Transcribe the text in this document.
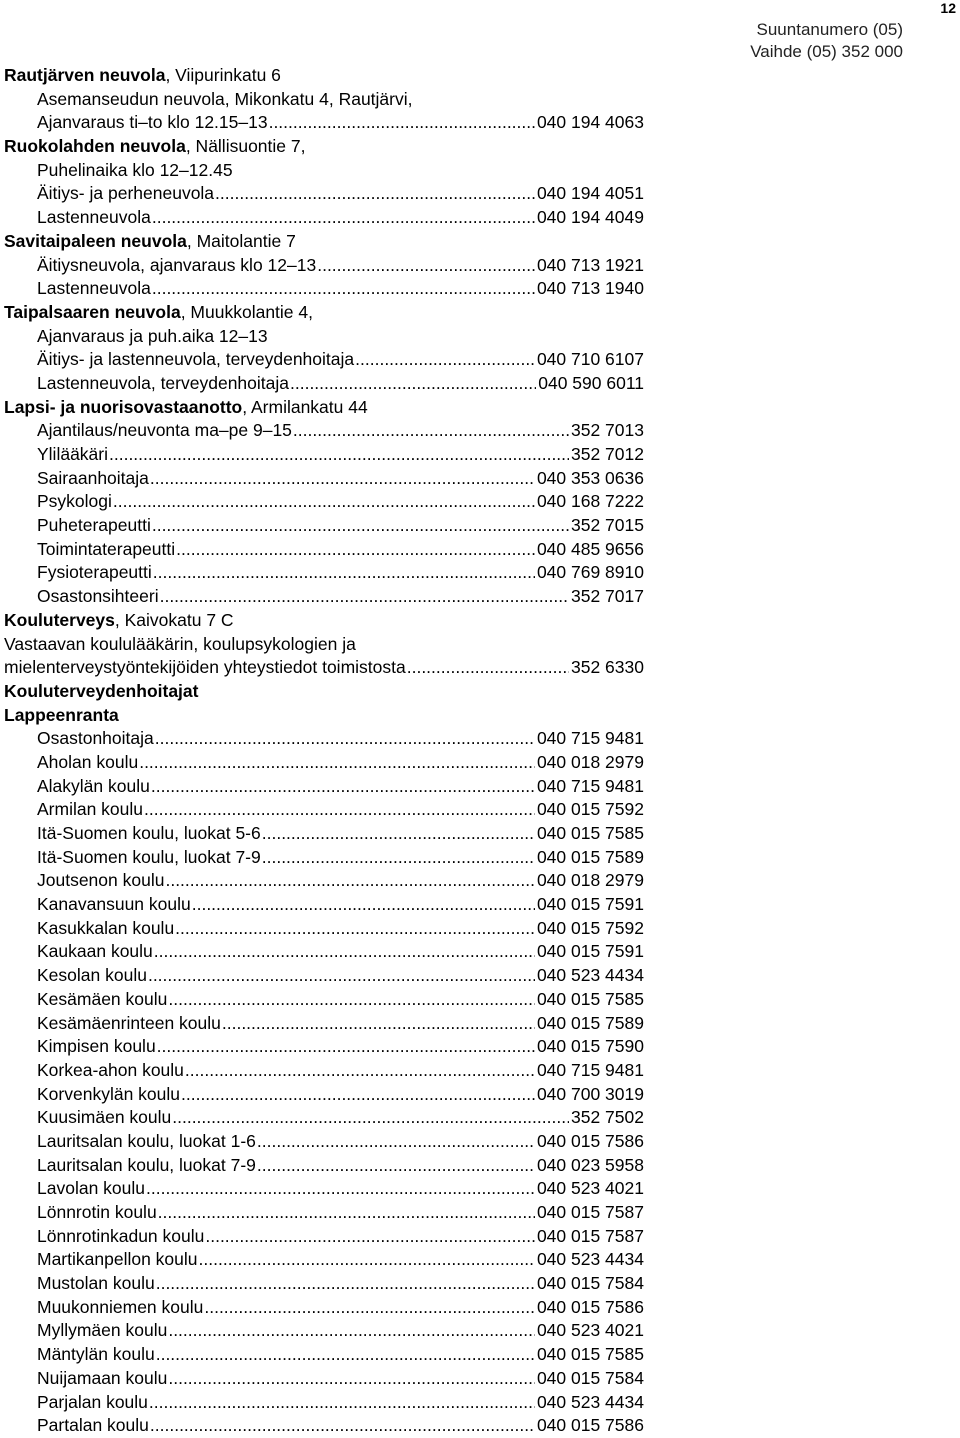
12
Suuntanumero (05)
Vaihde (05) 352 000
Rautjärven neuvola , Viipurinkatu 6
Asemanseudun neuvola, Mikonkatu 4, Rautjärvi,
Ajanvaraus ti–to klo 12.15–13 .....	040 194 4063
Ruokolahden neuvola , Nällisuontie 7,
Puhelinaika klo 12–12.45
Äitiys- ja perheneuvola .....	040 194 4051
Lastenneuvola .....	040 194 4049
Savitaipaleen neuvola , Maitolantie 7
Äitiysneuvola, ajanvaraus klo 12–13 .....	040 713 1921
Lastenneuvola .....	040 713 1940
Taipalsaaren neuvola , Muukkolantie 4,
Ajanvaraus ja puh.aika 12–13
Äitiys- ja lastenneuvola, terveydenhoitaja .....	040 710 6107
Lastenneuvola, terveydenhoitaja .....	040 590 6011
Lapsi- ja nuorisovastaanotto , Armilankatu 44
Ajantilaus/neuvonta ma–pe 9–15 .....	352 7013
Ylilääkäri .....	352 7012
Sairaanhoitaja .....	040 353 0636
Psykologi .....	040 168 7222
Puheterapeutti .....	352 7015
Toimintaterapeutti .....	040 485 9656
Fysioterapeutti .....	040 769 8910
Osastonsihteeri .....	352 7017
Kouluterveys , Kaivokatu 7 C
Vastaavan koululääkärin, koulupsykologien ja
mielenterveystyöntekijöiden yhteystiedot toimistosta .....	352 6330
Kouluterveydenhoitajat
Lappeenranta
Osastonhoitaja .....	040 715 9481
Aholan koulu .....	040 018 2979
Alakylän koulu .....	040 715 9481
Armilan koulu .....	040 015 7592
Itä-Suomen koulu, luokat 5-6 .....	040 015 7585
Itä-Suomen koulu, luokat 7-9 .....	040 015 7589
Joutsenon koulu .....	040 018 2979
Kanavansuun koulu .....	040 015 7591
Kasukkalan koulu .....	040 015 7592
Kaukaan koulu .....	040 015 7591
Kesolan koulu .....	040 523 4434
Kesämäen koulu .....	040 015 7585
Kesämäenrinteen koulu .....	040 015 7589
Kimpisen koulu .....	040 015 7590
Korkea-ahon koulu .....	040 715 9481
Korvenkylän koulu .....	040 700 3019
Kuusimäen koulu .....	352 7502
Lauritsalan koulu, luokat 1-6 .....	040 015 7586
Lauritsalan koulu, luokat 7-9 .....	040 023 5958
Lavolan koulu .....	040 523 4021
Lönnrotin koulu .....	040 015 7587
Lönnrotinkadun koulu .....	040 015 7587
Martikanpellon koulu .....	040 523 4434
Mustolan koulu .....	040 015 7584
Muukonniemen koulu .....	040 015 7586
Myllymäen koulu .....	040 523 4021
Mäntylän koulu .....	040 015 7585
Nuijamaan koulu .....	040 015 7584
Parjalan koulu .....	040 523 4434
Partalan koulu .....	040 015 7586
